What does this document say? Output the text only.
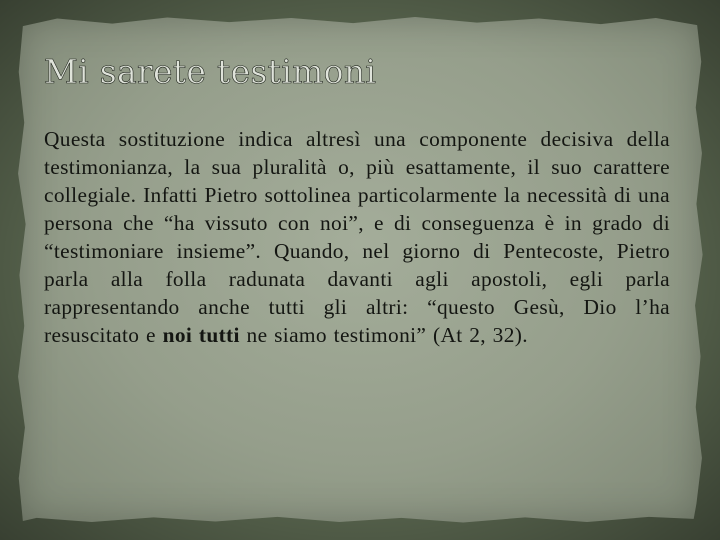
Mi sarete testimoni

Questa sostituzione indica altresì una componente decisiva della testimonianza, la sua pluralità o, più esattamente, il suo carattere collegiale. Infatti Pietro sottolinea particolarmente la necessità di una persona che “ha vissuto con noi”, e di conseguenza è in grado di “testimoniare insieme”. Quando, nel giorno di Pentecoste, Pietro parla alla folla radunata davanti agli apostoli, egli parla rappresentando anche tutti gli altri: “questo Gesù, Dio l’ha resuscitato e noi tutti ne siamo testimoni” (At 2, 32).
